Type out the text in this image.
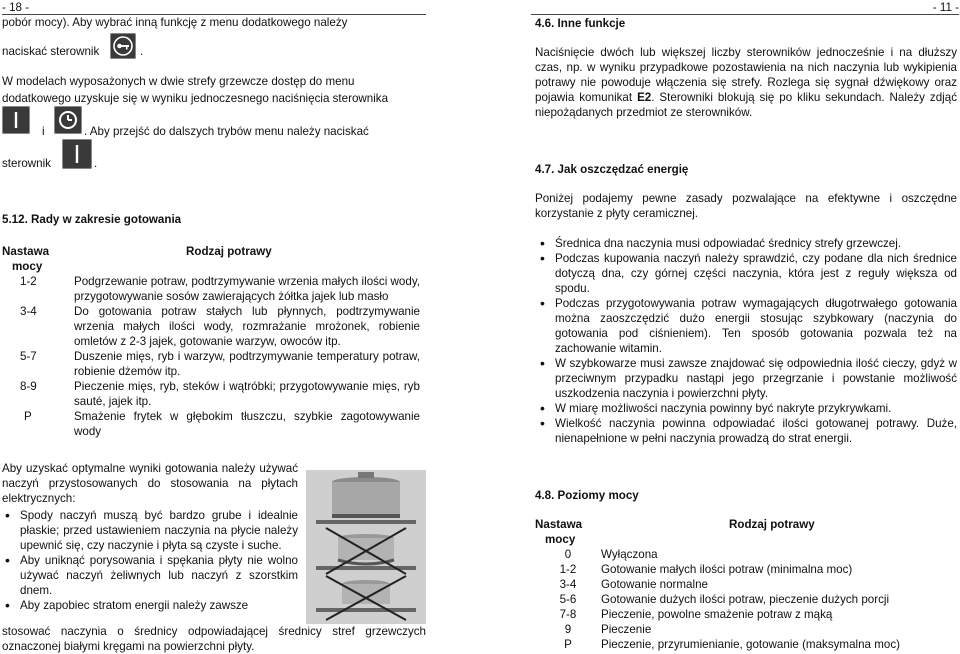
- 18 -
pobór mocy). Aby wybrać inną funkcję z menu dodatkowego należy
naciskać sterownik	.
W modelach wyposażonych w dwie strefy grzewcze dostęp do menu
dodatkowego uzyskuje się w wyniku jednoczesnego naciśnięcia sterownika
i	. Aby przejść do dalszych trybów menu należy naciskać
sterownik	.
5.12. Rady w zakresie gotowania
Nastawa
mocy
Rodzaj potrawy
1-2	Podgrzewanie potraw, podtrzymywanie wrzenia małych ilości wody, przygotowywanie sosów zawierających żółtka jajek lub masło
3-4	Do gotowania potraw stałych lub płynnych, podtrzymywanie wrzenia małych ilości wody, rozmrażanie mrożonek, robienie omletów z 2-3 jajek, gotowanie warzyw, owoców itp.
5-7	Duszenie mięs, ryb i warzyw, podtrzymywanie temperatury potraw, robienie dżemów itp.
8-9	Pieczenie mięs, ryb, steków i wątróbki; przygotowywanie mięs, ryb sauté, jajek itp.
P	Smażenie frytek w głębokim tłuszczu, szybkie zagotowywanie wody
Aby uzyskać optymalne wyniki gotowania należy używać naczyń przystosowanych do stosowania na płytach elektrycznych:
• Spody naczyń muszą być bardzo grube i idealnie płaskie; przed ustawieniem naczynia na płycie należy upewnić się, czy naczynie i płyta są czyste i suche.
• Aby uniknąć porysowania i spękania płyty nie wolno używać naczyń żeliwnych lub naczyń z szorstkim dnem.
• Aby zapobiec stratom energii należy zawsze
stosować naczynia o średnicy odpowiadającej średnicy stref grzewczych oznaczonej białymi kręgami na powierzchni płyty.
- 11 -
4.6. Inne funkcje
Naciśnięcie dwóch lub większej liczby sterowników jednocześnie i na dłuższy czas, np. w wyniku przypadkowe pozostawienia na nich naczynia lub wykipienia potrawy nie powoduje włączenia się strefy. Rozlega się sygnał dźwiękowy oraz pojawia komunikat E2. Sterowniki blokują się po kliku sekundach. Należy zdjąć niepożądanych przedmiot ze sterowników.
4.7. Jak oszczędzać energię
Poniżej podajemy pewne zasady pozwalające na efektywne i oszczędne korzystanie z płyty ceramicznej.
• Średnica dna naczynia musi odpowiadać średnicy strefy grzewczej.
• Podczas kupowania naczyń należy sprawdzić, czy podane dla nich średnice dotyczą dna, czy górnej części naczynia, która jest z reguły większa od spodu.
• Podczas przygotowywania potraw wymagających długotrwałego gotowania można zaoszczędzić dużo energii stosując szybkowary (naczynia do gotowania pod ciśnieniem). Ten sposób gotowania pozwala też na zachowanie witamin.
• W szybkowarze musi zawsze znajdować się odpowiednia ilość cieczy, gdyż w przeciwnym przypadku nastąpi jego przegrzanie i powstanie możliwość uszkodzenia naczynia i powierzchni płyty.
• W miarę możliwości naczynia powinny być nakryte przykrywkami.
• Wielkość naczynia powinna odpowiadać ilości gotowanej potrawy. Duże, nienapełnione w pełni naczynia prowadzą do strat energii.
4.8. Poziomy mocy
Nastawa
mocy
Rodzaj potrawy
0	Wyłączona
1-2	Gotowanie małych ilości potraw (minimalna moc)
3-4	Gotowanie normalne
5-6	Gotowanie dużych ilości potraw, pieczenie dużych porcji
7-8	Pieczenie, powolne smażenie potraw z mąką
9	Pieczenie
P	Pieczenie, przyrumienianie, gotowanie (maksymalna moc)
